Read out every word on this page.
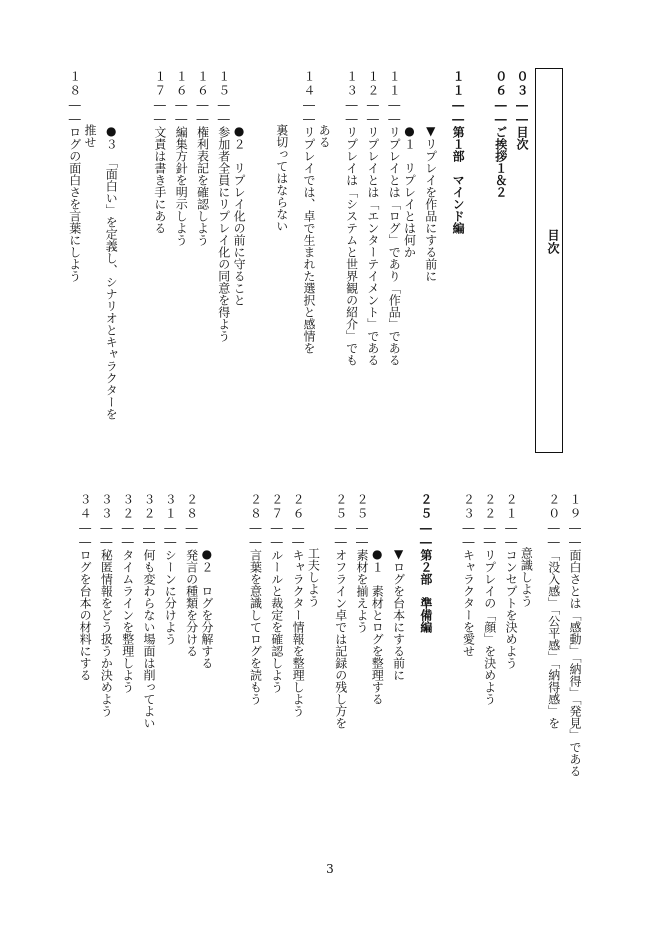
目次
０３――目次
０６――ご挨拶１＆２
１１――第１部　マインド編
▼リプレイを作品にする前に
●１　リプレイとは何か
１１――リプレイとは「ログ」であり「作品」である
１２――リプレイとは「エンターテイメント」である
１３――リプレイは「システムと世界観の紹介」でも
ある
１４――リプレイでは、卓で生まれた選択と感情を
裏切ってはならない
●２　リプレイ化の前に守ること
１５――参加者全員にリプレイ化の同意を得よう
１６――権利表記を確認しよう
１６――編集方針を明示しよう
１７――文責は書き手にある
●３　「面白い」を定義し、シナリオとキャラクターを
推せ
１８――ログの面白さを言葉にしよう
１９――面白さとは「感動」「納得」「発見」である
２０――「没入感」「公平感」「納得感」を
意識しよう
２１――コンセプトを決めよう
２２――リプレイの「顔」を決めよう
２３――キャラクターを愛せ
２５――第２部　準備編
▼ログを台本にする前に
●１　素材とログを整理する
２５――素材を揃えよう
２５――オフライン卓では記録の残し方を
工夫しよう
２６――キャラクター情報を整理しよう
２７――ルールと裁定を確認しよう
２８――言葉を意識してログを読もう
●２　ログを分解する
２８――発言の種類を分ける
３１――シーンに分けよう
３２――何も変わらない場面は削ってよい
３２――タイムラインを整理しよう
３３――秘匿情報をどう扱うか決めよう
３４――ログを台本の材料にする
3
